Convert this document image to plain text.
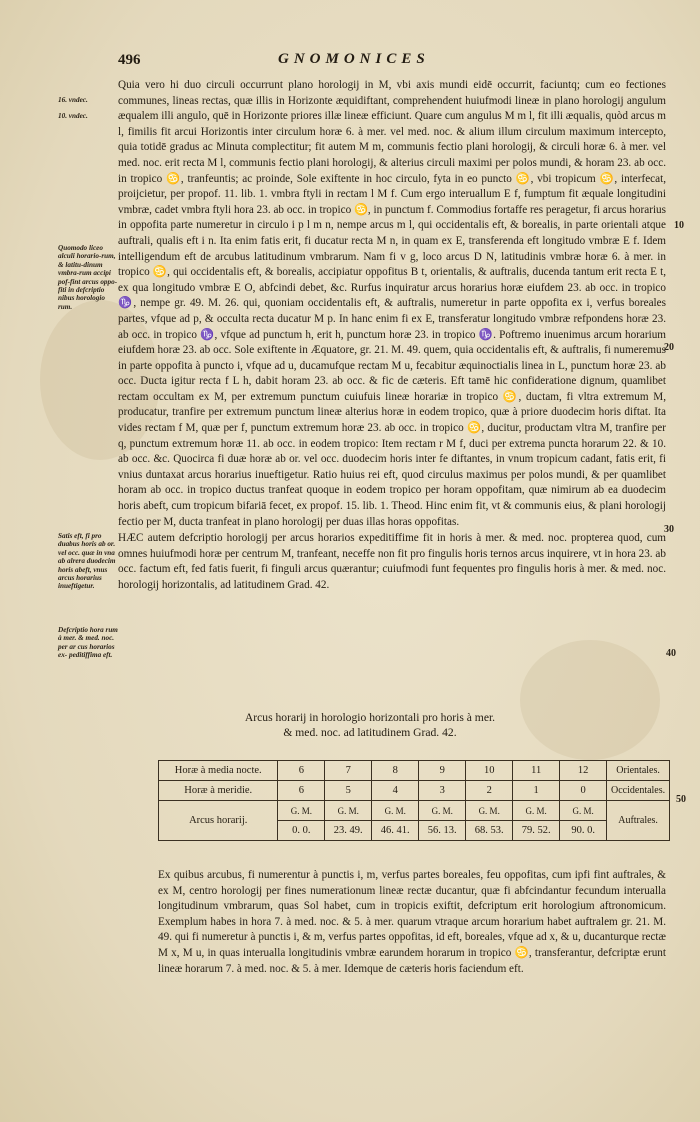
496	GNOMONICES
16. vndec.
10. vndec.
Quomodo liceo alculi horario-rum, & latitu-dinum vmbra-rum accipi pof-fint arcus oppo-fiti in defcriptio nibus horologio rum.
Satis eft, fi pro duabus horis ab or. vel occ. quæ in vna ab alrera duodecim horis abeft, vnus arcus horarius inueftigetur.
Defcriptio hora rum à mer. & med. noc. per ar cus horarios ex- peditiffima eft.
10
20
30
40
50

Quia vero hi duo circuli occurrunt plano horologij in M, vbi axis mundi eidē occurrit, faciuntq; cum eo fectiones communes, lineas rectas, quæ illis in Horizonte æquidiftant, comprehendent huiufmodi lineæ in plano horologij angulum æqualem illi angulo, quē in Horizonte priores illæ lineæ efficiunt. Quare cum angulus M m l, fit illi æqualis, quòd arcus m l, fimilis fit arcui Horizontis inter circulum horæ 6. à mer. vel med. noc. & alium illum circulum maximum intercepto, quia totidē gradus ac Minuta complectitur; fit autem M m, communis fectio plani horologij, & circuli horæ 6. à mer. vel med. noc. erit recta M l, communis fectio plani horologij, & alterius circuli maximi per polos mundi, & horam 23. ab occ. in tropico ♋, tranfeuntis; ac proinde, Sole exiftente in hoc circulo, fyta in eo puncto ♋, vbi tropicum ♋, interfecat, proijcietur, per propof. 11. lib. 1. vmbra ftyli in rectam l M f. Cum ergo interuallum E f, fumptum fit æquale longitudini vmbræ, cadet vmbra ftyli hora 23. ab occ. in tropico ♋, in punctum f. Commodius fortaffe res peragetur, fi arcus horarius in oppofita parte numeretur in circulo i p l m n, nempe arcus m l, qui occidentalis eft, & borealis, in parte orientali atque auftrali, qualis eft i n. Ita enim fatis erit, fi ducatur recta M n, in quam ex E, transferenda eft longitudo vmbræ E f. Idem intelligendum eft de arcubus latitudinum vmbrarum. Nam fi v g, loco arcus D N, latitudinis vmbræ horæ 6. à mer. in tropico ♋, qui occidentalis eft, & borealis, accipiatur oppofitus B t, orientalis, & auftralis, ducenda tantum erit recta E t, ex qua longitudo vmbræ E O, abfcindi debet, &c. Rurfus inquiratur arcus horarius horæ eiufdem 23. ab occ. in tropico ♑, nempe gr. 49. M. 26. qui, quoniam occidentalis eft, & auftralis, numeretur in parte oppofita ex i, verfus boreales partes, vfque ad p, & occulta recta ducatur M p. In hanc enim fi ex E, transferatur longitudo vmbræ refpondens horæ 23. ab occ. in tropico ♑, vfque ad punctum h, erit h, punctum horæ 23. in tropico ♑. Poftremo inuenimus arcum horarium eiufdem horæ 23. ab occ. Sole exiftente in Æquatore, gr. 21. M. 49. quem, quia occidentalis eft, & auftralis, fi numeremus in parte oppofita à puncto i, vfque ad u, ducamufque rectam M u, fecabitur æquinoctialis linea in L, punctum horæ 23. ab occ. Ducta igitur recta f L h, dabit horam 23. ab occ. & fic de cæteris. Eft tamē hic confideratione dignum, quamlibet rectam occultam ex M, per extremum punctum cuiufuis lineæ horariæ in tropico ♋, ductam, fi vltra extremum M, producatur, tranfire per extremum punctum lineæ alterius horæ in eodem tropico, quæ à priore duodecim horis diftat. Ita vides rectam f M, quæ per f, punctum extremum horæ 23. ab occ. in tropico ♋, ducitur, productam vltra M, tranfire per q, punctum extremum horæ 11. ab occ. in eodem tropico: Item rectam r M f, duci per extrema puncta horarum 22. & 10. ab occ. &c. Quocirca fi duæ horæ ab or. vel occ. duodecim horis inter fe diftantes, in vnum tropicum cadant, fatis erit, fi vnius duntaxat arcus horarius inueftigetur. Ratio huius rei eft, quod circulus maximus per polos mundi, & per quamlibet horam ab occ. in tropico ductus tranfeat quoque in eodem tropico per horam oppofitam, quæ nimirum ab ea duodecim horis abeft, cum tropicum bifariā fecet, ex propof. 15. lib. 1. Theod. Hinc enim fit, vt & communis eius, & plani horologij fectio per M, ducta tranfeat in plano horologij per duas illas horas oppofitas.

HÆC autem defcriptio horologij per arcus horarios expeditiffime fit in horis à mer. & med. noc. propterea quod, cum omnes huiufmodi horæ per centrum M, tranfeant, neceffe non fit pro fingulis horis ternos arcus inquirere, vt in hora 23. ab occ. factum eft, fed fatis fuerit, fi finguli arcus quærantur; cuiufmodi funt fequentes pro fingulis horis à mer. & med. noc. horologij horizontalis, ad latitudinem Grad. 42.

Arcus horarij in horologio horizontali pro horis à mer.
& med. noc. ad latitudinem Grad. 42.
Horæ à media nocte.	6	7	8	9	10	11	12	Orientales.
Horæ à meridie.	6	5	4	3	2	1	0	Occidentales.
Arcus horarij.	G. M.	G. M.	G. M.	G. M.	G. M.	G. M.	G. M.	Auftrales.
	0. 0.	23. 49.	46. 41.	56. 13.	68. 53.	79. 52.	90. 0.	

Ex quibus arcubus, fi numerentur à punctis i, m, verfus partes boreales, feu oppofitas, cum ipfi fint auftrales, & ex M, centro horologij per fines numerationum lineæ rectæ ducantur, quæ fi abfcindantur fecundum interualla longitudinum vmbrarum, quas Sol habet, cum in tropicis exiftit, defcriptum erit horologium aftronomicum. Exemplum habes in hora 7. à med. noc. & 5. à mer. quarum vtraque arcum horarium habet auftralem gr. 21. M. 49. qui fi numeretur à punctis i, & m, verfus partes oppofitas, id eft, boreales, vfque ad x, & u, ducanturque rectæ M x, M u, in quas interualla longitudinis vmbræ earundem horarum in tropico ♋, transferantur, defcriptæ erunt lineæ horarum 7. à med. noc. & 5. à mer. Idemque de cæteris horis faciendum eft.
